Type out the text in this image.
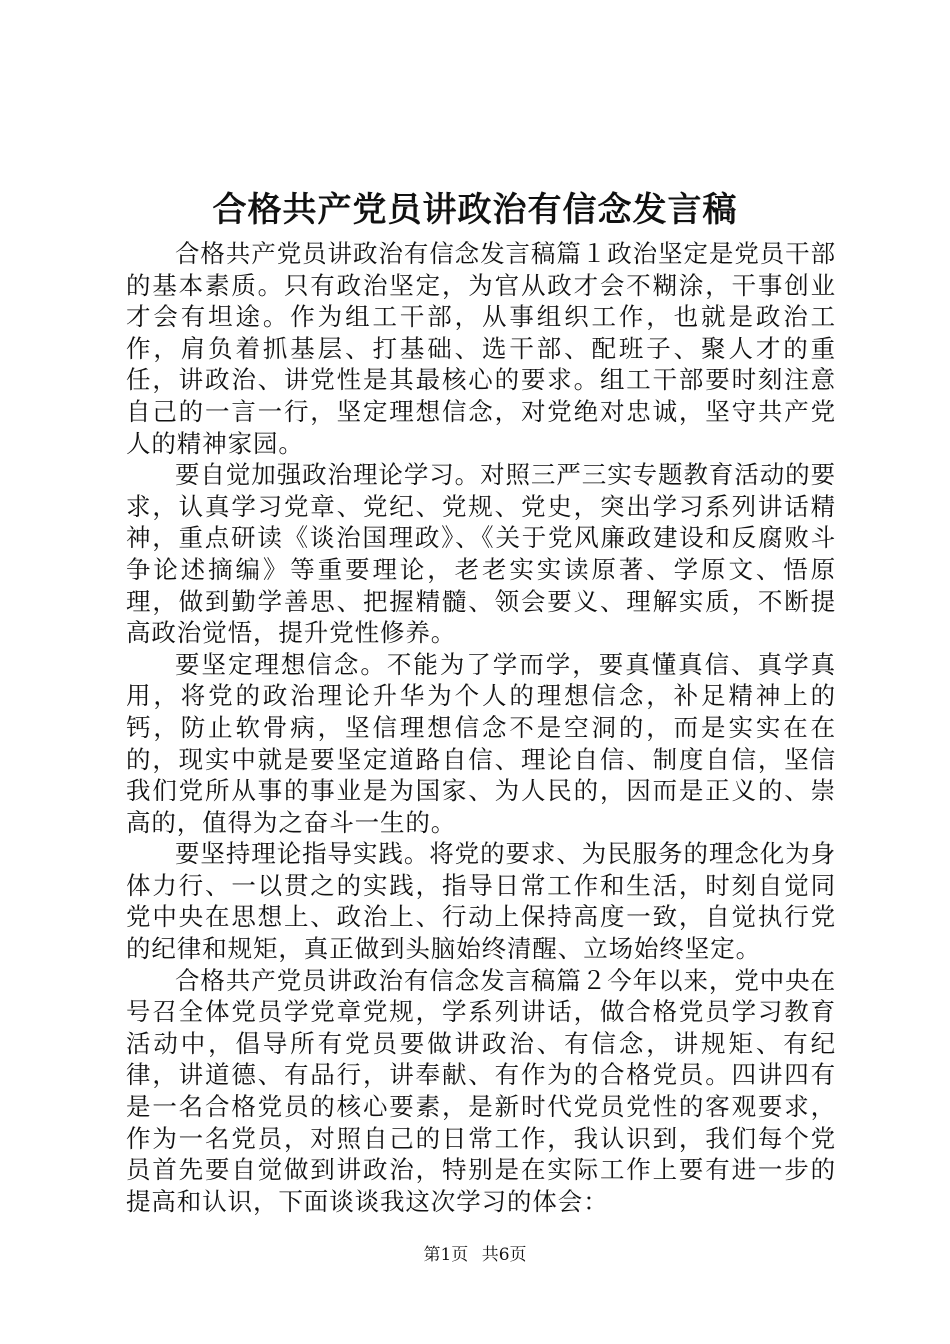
合格共产党员讲政治有信念发言稿

合格共产党员讲政治有信念发言稿篇１政治坚定是党员干部的基本素质。只有政治坚定，为官从政才会不糊涂，干事创业才会有坦途。作为组工干部，从事组织工作，也就是政治工作，肩负着抓基层、打基础、选干部、配班子、聚人才的重任，讲政治、讲党性是其最核心的要求。组工干部要时刻注意自己的一言一行，坚定理想信念，对党绝对忠诚，坚守共产党人的精神家园。

要自觉加强政治理论学习。对照三严三实专题教育活动的要求，认真学习党章、党纪、党规、党史，突出学习系列讲话精神，重点研读《谈治国理政》、《关于党风廉政建设和反腐败斗争论述摘编》等重要理论，老老实实读原著、学原文、悟原理，做到勤学善思、把握精髓、领会要义、理解实质，不断提高政治觉悟，提升党性修养。

要坚定理想信念。不能为了学而学，要真懂真信、真学真用，将党的政治理论升华为个人的理想信念，补足精神上的钙，防止软骨病，坚信理想信念不是空洞的，而是实实在在的，现实中就是要坚定道路自信、理论自信、制度自信，坚信我们党所从事的事业是为国家、为人民的，因而是正义的、崇高的，值得为之奋斗一生的。

要坚持理论指导实践。将党的要求、为民服务的理念化为身体力行、一以贯之的实践，指导日常工作和生活，时刻自觉同党中央在思想上、政治上、行动上保持高度一致，自觉执行党的纪律和规矩，真正做到头脑始终清醒、立场始终坚定。

合格共产党员讲政治有信念发言稿篇２今年以来，党中央在号召全体党员学党章党规，学系列讲话，做合格党员学习教育活动中，倡导所有党员要做讲政治、有信念，讲规矩、有纪律，讲道德、有品行，讲奉献、有作为的合格党员。四讲四有是一名合格党员的核心要素，是新时代党员党性的客观要求，作为一名党员，对照自己的日常工作，我认识到，我们每个党员首先要自觉做到讲政治，特别是在实际工作上要有进一步的提高和认识，下面谈谈我这次学习的体会：

第1页 共6页
